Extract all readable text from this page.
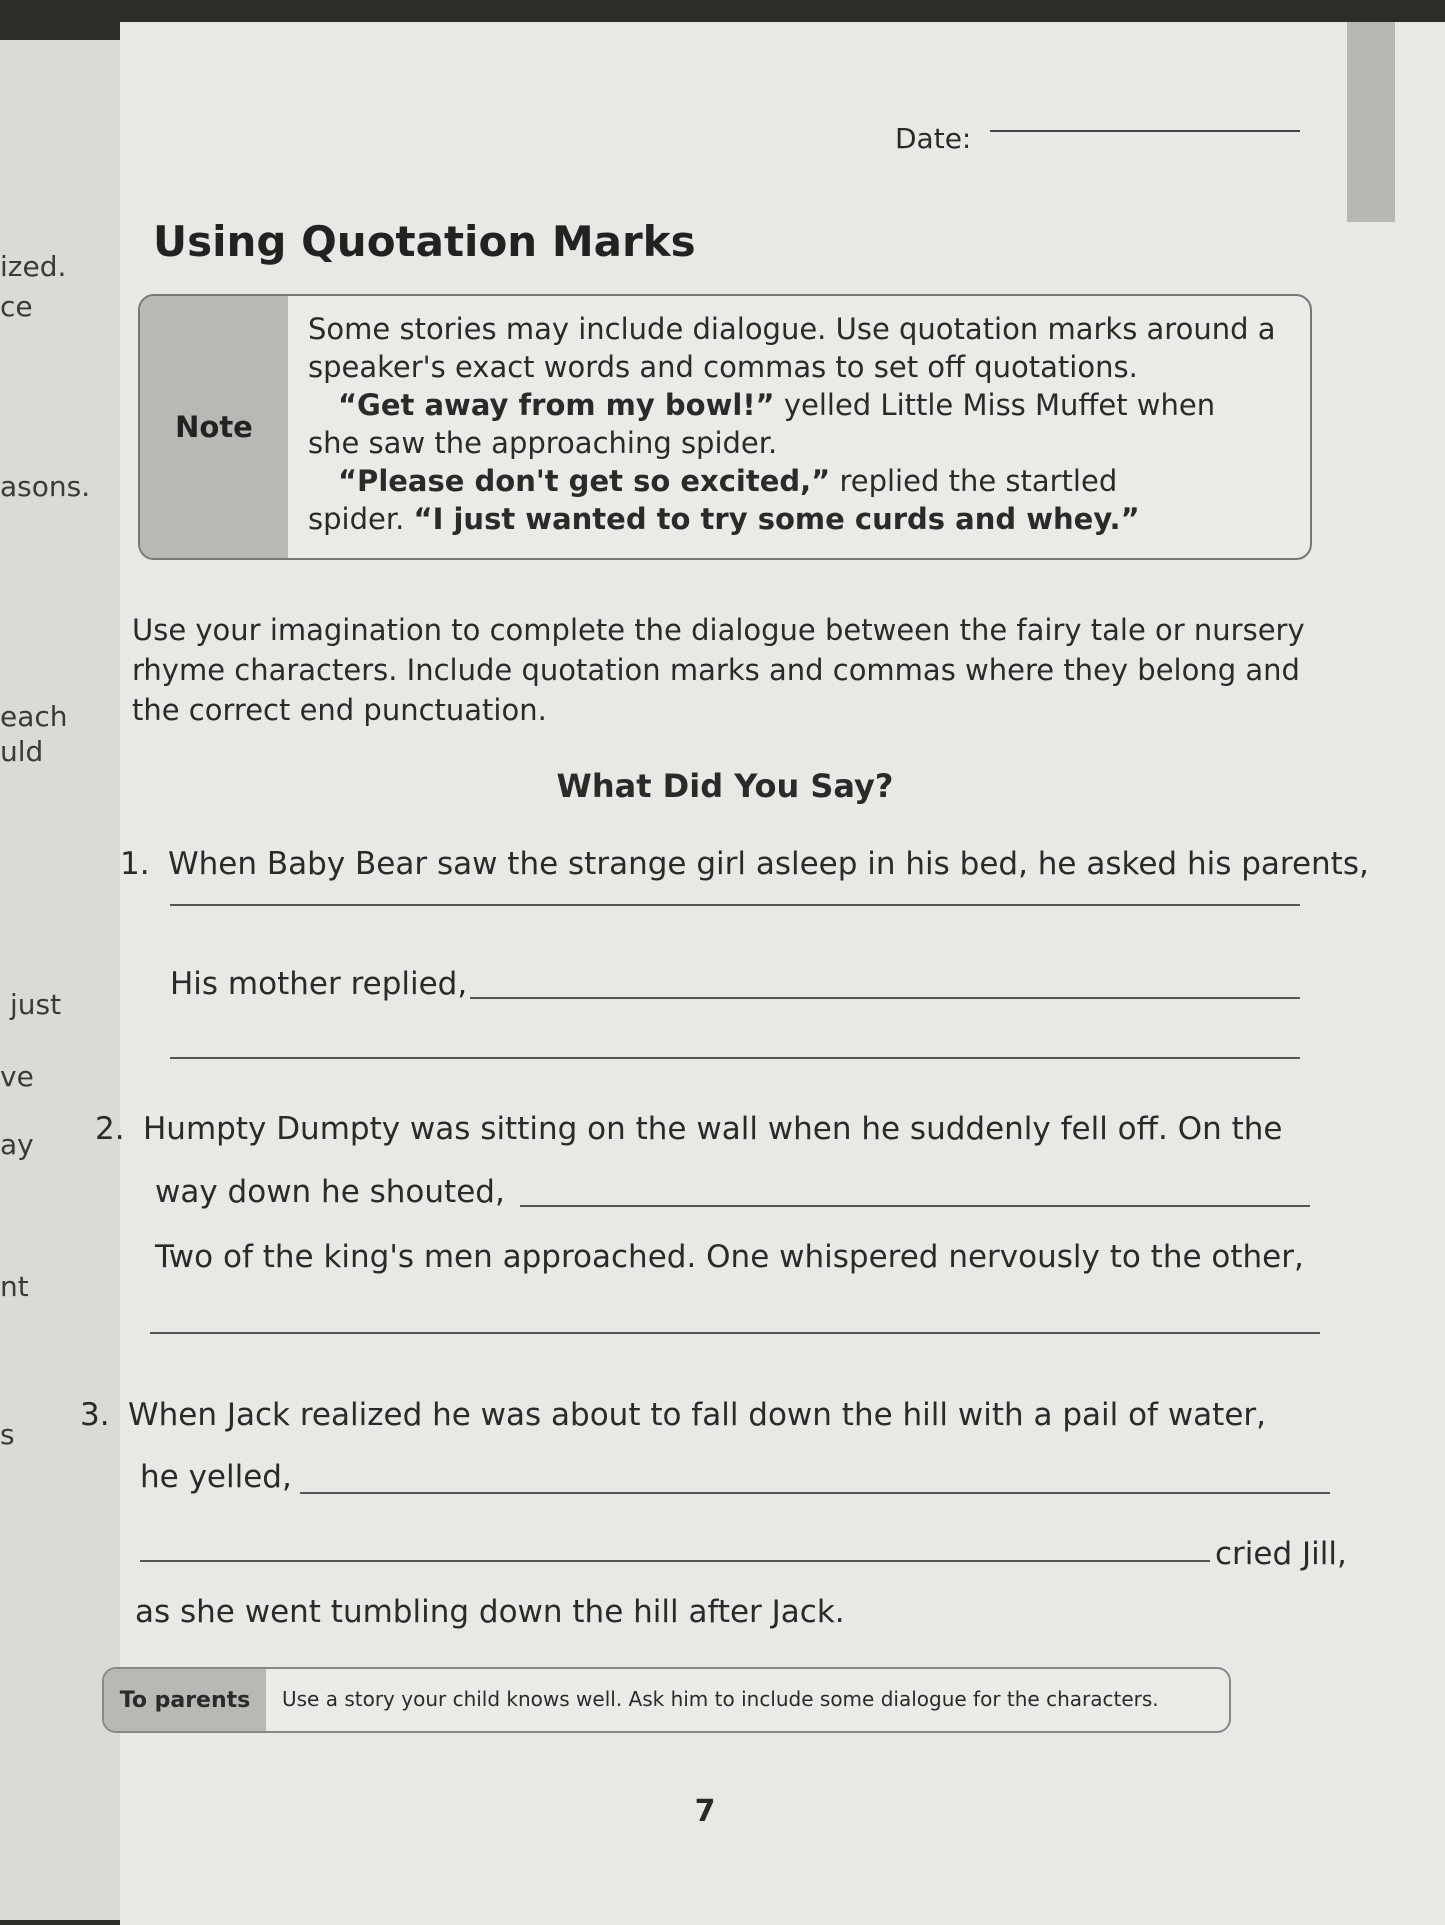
ized.
ce
asons.
each
uld
just
ve
ay
nt
s
Date:
Using Quotation Marks
Note
Some stories may include dialogue. Use quotation marks around a
speaker's exact words and commas to set off quotations.
“Get away from my bowl!” yelled Little Miss Muffet when
she saw the approaching spider.
“Please don't get so excited,” replied the startled
spider. “I just wanted to try some curds and whey.”
Use your imagination to complete the dialogue between the fairy tale or nursery
rhyme characters. Include quotation marks and commas where they belong and
the correct end punctuation.
What Did You Say?
1. When Baby Bear saw the strange girl asleep in his bed, he asked his parents,
His mother replied,
2. Humpty Dumpty was sitting on the wall when he suddenly fell off. On the
way down he shouted,
Two of the king's men approached. One whispered nervously to the other,
3. When Jack realized he was about to fall down the hill with a pail of water,
he yelled,
cried Jill,
as she went tumbling down the hill after Jack.
To parents	Use a story your child knows well. Ask him to include some dialogue for the characters.
7
